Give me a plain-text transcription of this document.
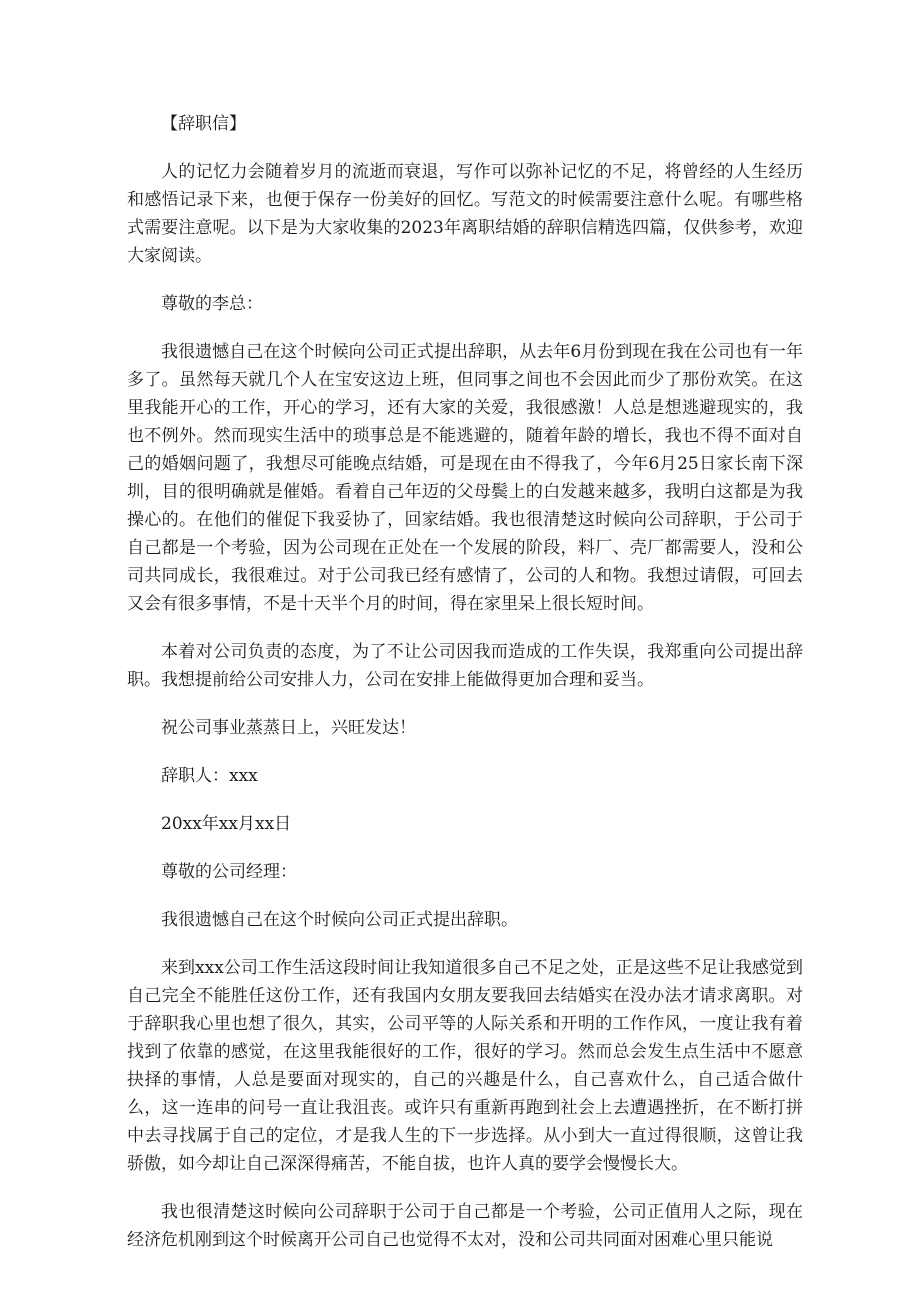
【辞职信】

人的记忆力会随着岁月的流逝而衰退，写作可以弥补记忆的不足，将曾经的人生经历和感悟记录下来，也便于保存一份美好的回忆。写范文的时候需要注意什么呢。有哪些格式需要注意呢。以下是为大家收集的2023年离职结婚的辞职信精选四篇，仅供参考，欢迎大家阅读。

尊敬的李总：

我很遗憾自己在这个时候向公司正式提出辞职，从去年6月份到现在我在公司也有一年多了。虽然每天就几个人在宝安这边上班，但同事之间也不会因此而少了那份欢笑。在这里我能开心的工作，开心的学习，还有大家的关爱，我很感激！人总是想逃避现实的，我也不例外。然而现实生活中的琐事总是不能逃避的，随着年龄的增长，我也不得不面对自己的婚姻问题了，我想尽可能晚点结婚，可是现在由不得我了，今年6月25日家长南下深圳，目的很明确就是催婚。看着自己年迈的父母鬓上的白发越来越多，我明白这都是为我操心的。在他们的催促下我妥协了，回家结婚。我也很清楚这时候向公司辞职，于公司于自己都是一个考验，因为公司现在正处在一个发展的阶段，料厂、壳厂都需要人，没和公司共同成长，我很难过。对于公司我已经有感情了，公司的人和物。我想过请假，可回去又会有很多事情，不是十天半个月的时间，得在家里呆上很长短时间。

本着对公司负责的态度，为了不让公司因我而造成的工作失误，我郑重向公司提出辞职。我想提前给公司安排人力，公司在安排上能做得更加合理和妥当。

祝公司事业蒸蒸日上，兴旺发达！

辞职人：xxx

20xx年xx月xx日

尊敬的公司经理：

我很遗憾自己在这个时候向公司正式提出辞职。

来到xxx公司工作生活这段时间让我知道很多自己不足之处，正是这些不足让我感觉到自己完全不能胜任这份工作，还有我国内女朋友要我回去结婚实在没办法才请求离职。对于辞职我心里也想了很久，其实，公司平等的人际关系和开明的工作作风，一度让我有着找到了依靠的感觉，在这里我能很好的工作，很好的学习。然而总会发生点生活中不愿意抉择的事情，人总是要面对现实的，自己的兴趣是什么，自己喜欢什么，自己适合做什么，这一连串的问号一直让我沮丧。或许只有重新再跑到社会上去遭遇挫折，在不断打拼中去寻找属于自己的定位，才是我人生的下一步选择。从小到大一直过得很顺，这曾让我骄傲，如今却让自己深深得痛苦，不能自拔，也许人真的要学会慢慢长大。

我也很清楚这时候向公司辞职于公司于自己都是一个考验，公司正值用人之际，现在经济危机刚到这个时候离开公司自己也觉得不太对，没和公司共同面对困难心里只能说
